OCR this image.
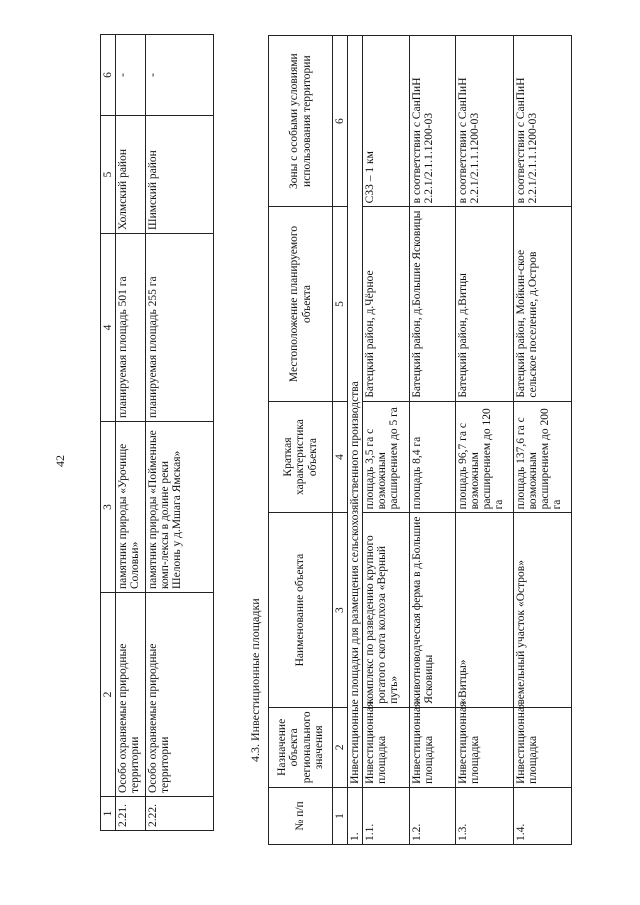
42
1	2	3	4	5	6
2.21.	Особо охраняемые природные территории	памятник природы «Урочище Соловьи»	планируемая площадь 501 га	Холмский район	-
2.22.	Особо охраняемые природные территории	памятник природы «Пойменные комп-лексы в долине реки Шелонь у д.Мшага Ямская»	планируемая площадь 255 га	Шимский район	-
4.3. Инвестиционные площадки
№ п/п	Назначение объекта регионального значения	Наименование объекта	Краткая характеристика объекта	Местоположение планируемого объекта	Зоны с особыми условиями использования территории
1	2	3	4	5	6
1.	Инвестиционные площадки для размещения сельскохозяйственного производства				
1.1.	Инвестиционная площадка	комплекс по разведению крупного рогатого скота колхоза «Верный путь»	площадь 3,5 га с возможным расширением до 5 га	Батецкий район, д.Чёрное	СЗЗ – 1 км
1.2.	Инвестиционная площадка	животноводческая ферма в д.Большие Ясковицы	площадь 8,4 га	Батецкий район, д.Большие Ясковицы	в соответствии с СанПиН 2.2.1/2.1.1.1200-03
1.3.	Инвестиционная площадка	«Витцы»	площадь 96,7 га с возможным расширением до 120 га	Батецкий район, д.Витцы	в соответствии с СанПиН 2.2.1/2.1.1.1200-03
1.4.	Инвестиционная площадка	земельный участок «Остров»	площадь 137,6 га с возможным расширением до 200 га	Батецкий район, Мойкин-ское сельское поселение, д.Остров	в соответствии с СанПиН 2.2.1/2.1.1.1200-03
